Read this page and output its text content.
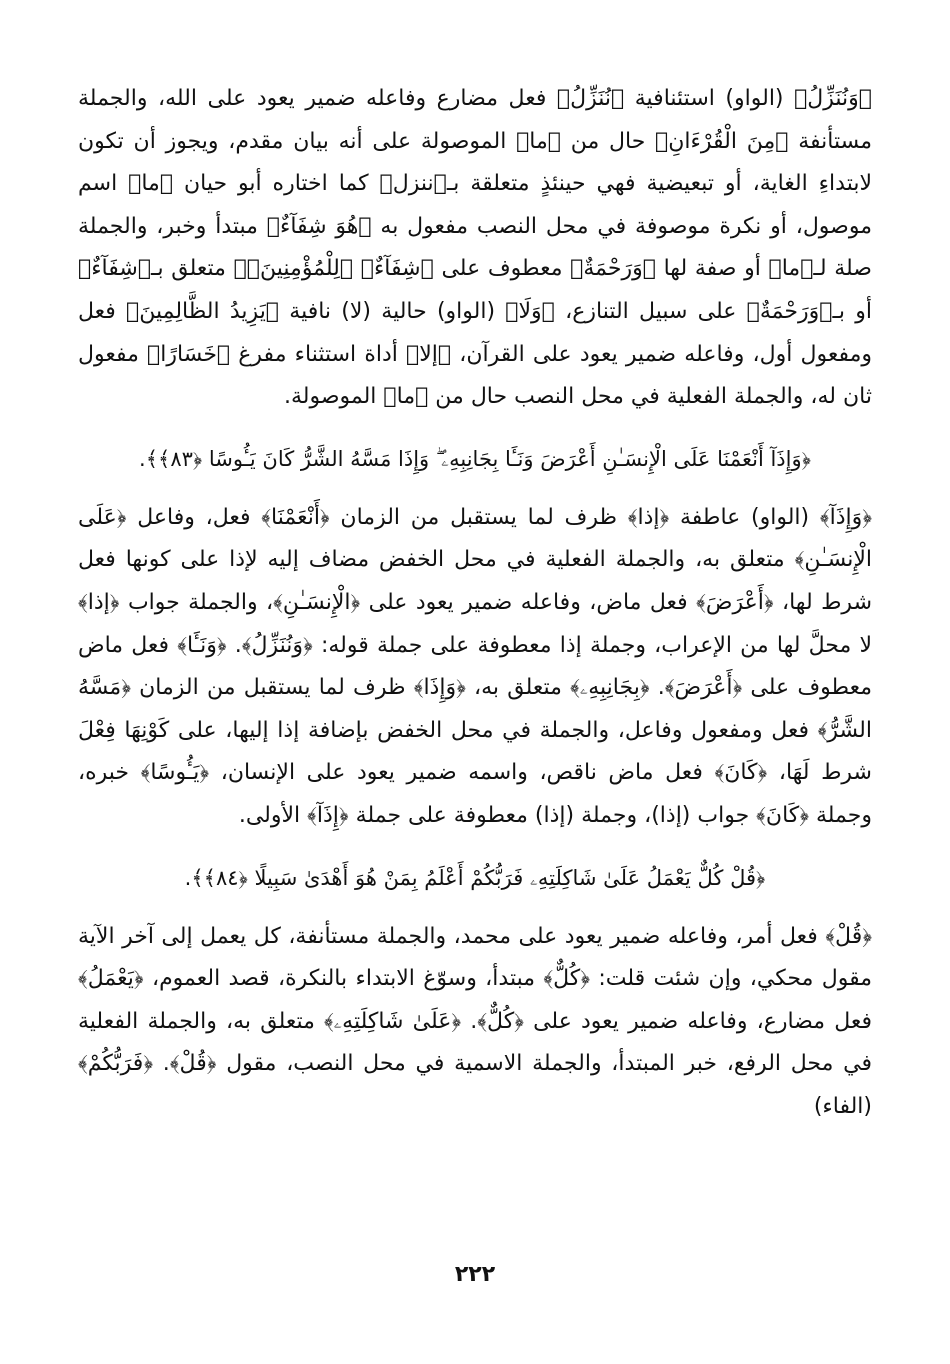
﴿وَنُنَزِّلُ﴾ (الواو) استئنافية ﴿نُنَزِّلُ﴾ فعل مضارع وفاعله ضمير يعود على الله، والجملة مستأنفة ﴿مِنَ الْقُرْءَانِ﴾ حال من ﴿ما﴾ الموصولة على أنه بيان مقدم، ويجوز أن تكون لابتداءِ الغاية، أو تبعيضية فهي حينئذٍ متعلقة بـ﴿ننزل﴾ كما اختاره أبو حيان ﴿ما﴾ اسم موصول، أو نكرة موصوفة في محل النصب مفعول به ﴿هُوَ شِفَآءٌ﴾ مبتدأ وخبر، والجملة صلة لـ﴿ما﴾ أو صفة لها ﴿وَرَحْمَةٌ﴾ معطوف على ﴿شِفَآءٌ﴾ ﴿لِلْمُؤْمِنِينَۙ﴾ متعلق بـ﴿شِفَآءٌ﴾ أو بـ﴿وَرَحْمَةٌ﴾ على سبيل التنازع، ﴿وَلَا﴾ (الواو) حالية (لا) نافية ﴿يَزِيدُ الظَّالِمِينَ﴾ فعل ومفعول أول، وفاعله ضمير يعود على القرآن، ﴿إلا﴾ أداة استثناء مفرغ ﴿خَسَارًا﴾ مفعول ثان له، والجملة الفعلية في محل النصب حال من ﴿ما﴾ الموصولة.

﴿وَإِذَآ أَنْعَمْنَا عَلَى الْإِنسَـٰنِ أَعْرَضَ وَنَـَٔا بِجَانِبِهِۦ ۖ وَإِذَا مَسَّهُ الشَّرُّ كَانَ يَـُٔوسًا ﴿٨٣﴾﴾.

﴿وَإِذَآ﴾ (الواو) عاطفة ﴿إذا﴾ ظرف لما يستقبل من الزمان ﴿أَنْعَمْنَا﴾ فعل، وفاعل ﴿عَلَى الْإِنسَـٰنِ﴾ متعلق به، والجملة الفعلية في محل الخفض مضاف إليه لإذا على كونها فعل شرط لها، ﴿أَعْرَضَ﴾ فعل ماض، وفاعله ضمير يعود على ﴿الْإِنسَـٰنِ﴾، والجملة جواب ﴿إذا﴾ لا محلَّ لها من الإعراب، وجملة إذا معطوفة على جملة قوله: ﴿وَنُنَزِّلُ﴾. ﴿وَنَـَٔا﴾ فعل ماض معطوف على ﴿أَعْرَضَ﴾. ﴿بِجَانِبِهِۦ﴾ متعلق به، ﴿وَإِذَا﴾ ظرف لما يستقبل من الزمان ﴿مَسَّهُ الشَّرُّ﴾ فعل ومفعول وفاعل، والجملة في محل الخفض بإضافة إذا إليها، على كَوْنِهَا فِعْلَ شرط لَهَا، ﴿كَانَ﴾ فعل ماض ناقص، واسمه ضمير يعود على الإنسان، ﴿يَـُٔوسًا﴾ خبره، وجملة ﴿كَانَ﴾ جواب (إذا)، وجملة (إذا) معطوفة على جملة ﴿إِذَآ﴾ الأولى.

﴿قُلْ كُلٌّ يَعْمَلُ عَلَىٰ شَاكِلَتِهِۦ فَرَبُّكُمْ أَعْلَمُ بِمَنْ هُوَ أَهْدَىٰ سَبِيلًا ﴿٨٤﴾﴾.

﴿قُلْ﴾ فعل أمر، وفاعله ضمير يعود على محمد، والجملة مستأنفة، كل يعمل إلى آخر الآية مقول محكي، وإن شئت قلت: ﴿كُلٌّ﴾ مبتدأ، وسوّغ الابتداء بالنكرة، قصد العموم، ﴿يَعْمَلُ﴾ فعل مضارع، وفاعله ضمير يعود على ﴿كُلٌّ﴾. ﴿عَلَىٰ شَاكِلَتِهِۦ﴾ متعلق به، والجملة الفعلية في محل الرفع، خبر المبتدأ، والجملة الاسمية في محل النصب، مقول ﴿قُلْ﴾. ﴿فَرَبُّكُمْ﴾ (الفاء)

٢٢٢
